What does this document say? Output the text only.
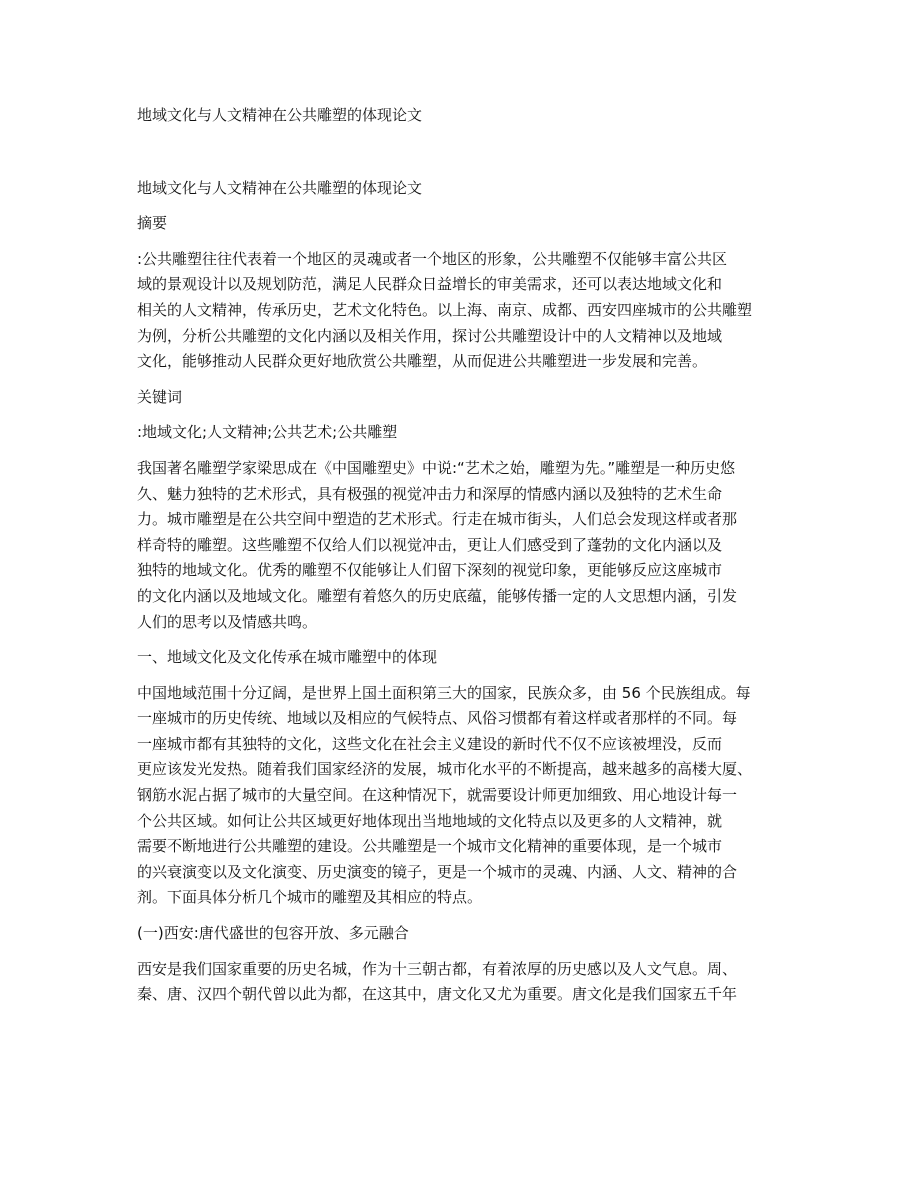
地域文化与人文精神在公共雕塑的体现论文
地域文化与人文精神在公共雕塑的体现论文
摘要
:公共雕塑往往代表着一个地区的灵魂或者一个地区的形象，公共雕塑不仅能够丰富公共区
域的景观设计以及规划防范，满足人民群众日益增长的审美需求，还可以表达地域文化和
相关的人文精神，传承历史，艺术文化特色。以上海、南京、成都、西安四座城市的公共雕塑
为例，分析公共雕塑的文化内涵以及相关作用，探讨公共雕塑设计中的人文精神以及地域
文化，能够推动人民群众更好地欣赏公共雕塑，从而促进公共雕塑进一步发展和完善。
关键词
:地域文化;人文精神;公共艺术;公共雕塑
我国著名雕塑学家梁思成在《中国雕塑史》中说:“艺术之始，雕塑为先。”雕塑是一种历史悠
久、魅力独特的艺术形式，具有极强的视觉冲击力和深厚的情感内涵以及独特的艺术生命
力。城市雕塑是在公共空间中塑造的艺术形式。行走在城市街头，人们总会发现这样或者那
样奇特的雕塑。这些雕塑不仅给人们以视觉冲击，更让人们感受到了蓬勃的文化内涵以及
独特的地域文化。优秀的雕塑不仅能够让人们留下深刻的视觉印象，更能够反应这座城市
的文化内涵以及地域文化。雕塑有着悠久的历史底蕴，能够传播一定的人文思想内涵，引发
人们的思考以及情感共鸣。
一、地域文化及文化传承在城市雕塑中的体现
中国地域范围十分辽阔，是世界上国土面积第三大的国家，民族众多，由 56 个民族组成。每
一座城市的历史传统、地域以及相应的气候特点、风俗习惯都有着这样或者那样的不同。每
一座城市都有其独特的文化，这些文化在社会主义建设的新时代不仅不应该被埋没，反而
更应该发光发热。随着我们国家经济的发展，城市化水平的不断提高，越来越多的高楼大厦、
钢筋水泥占据了城市的大量空间。在这种情况下，就需要设计师更加细致、用心地设计每一
个公共区域。如何让公共区域更好地体现出当地地域的文化特点以及更多的人文精神，就
需要不断地进行公共雕塑的建设。公共雕塑是一个城市文化精神的重要体现，是一个城市
的兴衰演变以及文化演变、历史演变的镜子，更是一个城市的灵魂、内涵、人文、精神的合
剂。下面具体分析几个城市的雕塑及其相应的特点。
(一)西安:唐代盛世的包容开放、多元融合
西安是我们国家重要的历史名城，作为十三朝古都，有着浓厚的历史感以及人文气息。周、
秦、唐、汉四个朝代曾以此为都，在这其中，唐文化又尤为重要。唐文化是我们国家五千年
